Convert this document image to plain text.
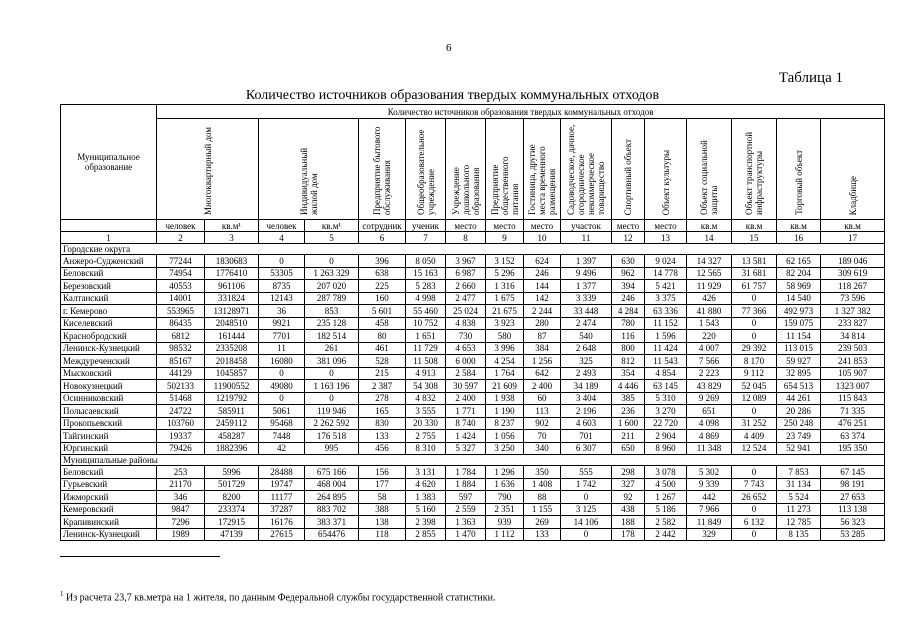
6
Таблица 1
Количество источников образования твердых коммунальных отходов
Муниципальное образование	Количество источников образования твердых коммунальных отходов															
	Многоквартирный дом		Индивидуальный жилой дом		Предприятие бытового обслуживания	Общеобразовательное учреждение	Учреждение дошкольного образования	Предприятие общественного питания	Гостиница, другие места временного размещения	Садоводческое, дачное, огородническое некоммерческое товарищество	Спортивный объект	Объект культуры	Объект социальной защиты	Объект транспортной инфраструктуры	Торговый объект	Кладбище
	человек	кв.м¹	человек	кв.м¹	сотрудник	ученик	место	место	место	участок	место	место	кв.м	кв.м	кв.м	кв.м
1	2	3	4	5	6	7	8	9	10	11	12	13	14	15	16	17
Городские округа																
Анжеро-Судженский	77244	1830683	0	0	396	8 050	3 967	3 152	624	1 397	630	9 024	14 327	13 581	62 165	189 046
Беловский	74954	1776410	53305	1 263 329	638	15 163	6 987	5 296	246	9 496	962	14 778	12 565	31 681	82 204	309 619
Березовский	40553	961106	8735	207 020	225	5 283	2 660	1 316	144	1 377	394	5 421	11 929	61 757	58 969	118 267
Калтанский	14001	331824	12143	287 789	160	4 998	2 477	1 675	142	3 339	246	3 375	426	0	14 540	73 596
г. Кемерово	553965	13128971	36	853	5 601	55 460	25 024	21 675	2 244	33 448	4 284	63 336	41 880	77 366	492 973	1 327 382
Киселевский	86435	2048510	9921	235 128	458	10 752	4 838	3 923	280	2 474	780	11 152	1 543	0	159 075	233 827
Краснобродский	6812	161444	7701	182 514	80	1 651	730	580	87	540	116	1 596	220	0	11 154	34 814
Ленинск-Кузнецкий	98532	2335208	11	261	461	11 729	4 653	3 996	384	2 648	800	11 424	4 007	29 392	113 015	239 503
Междуреченский	85167	2018458	16080	381 096	528	11 508	6 000	4 254	1 256	325	812	11 543	7 566	8 170	59 927	241 853
Мысковский	44129	1045857	0	0	215	4 913	2 584	1 764	642	2 493	354	4 854	2 223	9 112	32 895	105 907
Новокузнецкий	502133	11900552	49080	1 163 196	2 387	54 308	30 597	21 609	2 400	34 189	4 446	63 145	43 829	52 045	654 513	1323 007
Осинниковский	51468	1219792	0	0	278	4 832	2 400	1 938	60	3 404	385	5 310	9 269	12 089	44 261	115 843
Полысаевский	24722	585911	5061	119 946	165	3 555	1 771	1 190	113	2 196	236	3 270	651	0	20 286	71 335
Прокопьевский	103760	2459112	95468	2 262 592	830	20 330	8 740	8 237	902	4 603	1 600	22 720	4 098	31 252	250 248	476 251
Тайгинский	19337	458287	7448	176 518	133	2 755	1 424	1 056	70	701	211	2 904	4 869	4 409	23 749	63 374
Юргинский	79426	1882396	42	995	456	8 310	5 327	3 250	340	6 307	650	8 960	11 348	12 524	52 941	195 350
Муниципальные районы																
Беловский	253	5996	28488	675 166	156	3 131	1 784	1 296	350	555	298	3 078	5 302	0	7 853	67 145
Гурьевский	21170	501729	19747	468 004	177	4 620	1 884	1 636	1 408	1 742	327	4 500	9 339	7 743	31 134	98 191
Ижморский	346	8200	11177	264 895	58	1 383	597	790	88	0	92	1 267	442	26 652	5 524	27 653
Кемеровский	9847	233374	37287	883 702	388	5 160	2 559	2 351	1 155	3 125	438	5 186	7 966	0	11 273	113 138
Крапивинский	7296	172915	16176	383 371	138	2 398	1 363	939	269	14 106	188	2 582	11 849	6 132	12 785	56 323
Ленинск-Кузнецкий	1989	47139	27615	654476	118	2 855	1 470	1 112	133	0	178	2 442	329	0	8 135	53 285
$^1$ Из расчета 23,7 кв.метра на 1 жителя, по данным Федеральной службы государственной статистики.
